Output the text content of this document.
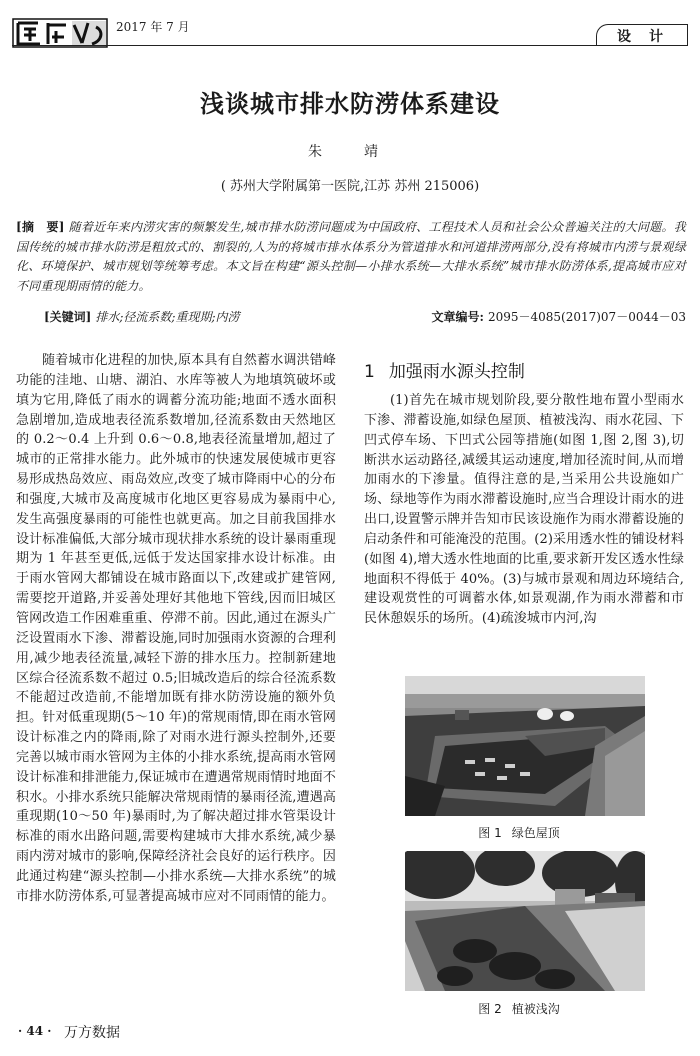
2017 年 7 月
设计
浅谈城市排水防涝体系建设
朱　靖
( 苏州大学附属第一医院,江苏 苏州 215006)
[摘　要] 随着近年来内涝灾害的频繁发生,城市排水防涝问题成为中国政府、工程技术人员和社会公众普遍关注的大问题。我国传统的城市排水防涝是粗放式的、割裂的,人为的将城市排水体系分为管道排水和河道排涝两部分,没有将城市内涝与景观绿化、环境保护、城市规划等统筹考虑。本文旨在构建“源头控制—小排水系统—大排水系统”城市排水防涝体系,提高城市应对不同重现期雨情的能力。
[关键词] 排水;径流系数;重现期;内涝	文章编号: 2095－4085(2017)07－0044－03
随着城市化进程的加快,原本具有自然蓄水调洪错峰功能的洼地、山塘、湖泊、水库等被人为地填筑破坏或填为它用,降低了雨水的调蓄分流功能;地面不透水面积急剧增加,造成地表径流系数增加,径流系数由天然地区的 0.2～0.4 上升到 0.6～0.8,地表径流量增加,超过了城市的正常排水能力。此外城市的快速发展使城市更容易形成热岛效应、雨岛效应,改变了城市降雨中心的分布和强度,大城市及高度城市化地区更容易成为暴雨中心,发生高强度暴雨的可能性也就更高。加之目前我国排水设计标准偏低,大部分城市现状排水系统的设计暴雨重现期为 1 年甚至更低,远低于发达国家排水设计标准。由于雨水管网大都铺设在城市路面以下,改建或扩建管网,需要挖开道路,并妥善处理好其他地下管线,因而旧城区管网改造工作困难重重、停滞不前。因此,通过在源头广泛设置雨水下渗、滞蓄设施,同时加强雨水资源的合理利用,减少地表径流量,减轻下游的排水压力。控制新建地区综合径流系数不超过 0.5;旧城改造后的综合径流系数不能超过改造前,不能增加既有排水防涝设施的额外负担。针对低重现期(5～10 年)的常规雨情,即在雨水管网设计标准之内的降雨,除了对雨水进行源头控制外,还要完善以城市雨水管网为主体的小排水系统,提高雨水管网设计标准和排泄能力,保证城市在遭遇常规雨情时地面不积水。小排水系统只能解决常规雨情的暴雨径流,遭遇高重现期(10～50 年)暴雨时,为了解决超过排水管渠设计标准的雨水出路问题,需要构建城市大排水系统,减少暴雨内涝对城市的影响,保障经济社会良好的运行秩序。因此通过构建“源头控制—小排水系统—大排水系统”的城市排水防涝体系,可显著提高城市应对不同雨情的能力。
1 加强雨水源头控制
(1)首先在城市规划阶段,要分散性地布置小型雨水下渗、滞蓄设施,如绿色屋顶、植被浅沟、雨水花园、下凹式停车场、下凹式公园等措施(如图 1,图 2,图 3),切断洪水运动路径,减缓其运动速度,增加径流时间,从而增加雨水的下渗量。值得注意的是,当采用公共设施如广场、绿地等作为雨水滞蓄设施时,应当合理设计雨水的进出口,设置警示牌并告知市民该设施作为雨水滞蓄设施的启动条件和可能淹没的范围。(2)采用透水性的铺设材料(如图 4),增大透水性地面的比重,要求新开发区透水性绿地面积不得低于 40%。(3)与城市景观和周边环境结合,建设观赏性的可调蓄水体,如景观湖,作为雨水滞蓄和市民休憩娱乐的场所。(4)疏浚城市内河,沟
图 1 绿色屋顶
图 2 植被浅沟
· 44 · 万方数据
